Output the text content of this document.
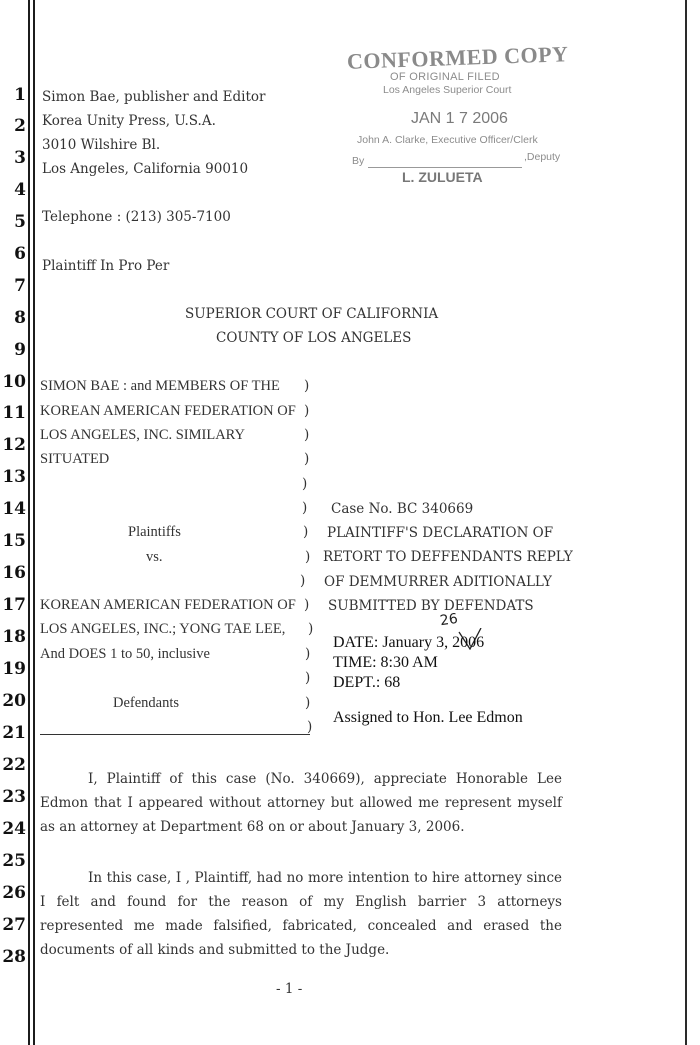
1
2
3
4
5
6
7
8
9
10
11
12
13
14
15
16
17
18
19
20
21
22
23
24
25
26
27
28
Simon Bae, publisher and Editor
Korea Unity Press, U.S.A.
3010 Wilshire Bl.
Los Angeles, California 90010
Telephone : (213) 305-7100
Plaintiff In Pro Per
CONFORMED COPY
OF ORIGINAL FILED
Los Angeles Superior Court
JAN 1 7 2006
John A. Clarke, Executive Officer/Clerk
By	,Deputy
L. ZULUETA
SUPERIOR COURT OF CALIFORNIA
COUNTY OF LOS ANGELES
SIMON BAE : and MEMBERS OF THE
KOREAN AMERICAN FEDERATION OF
LOS ANGELES, INC. SIMILARY
SITUATED
Plaintiffs
vs.
KOREAN AMERICAN FEDERATION OF
LOS ANGELES, INC.; YONG TAE LEE,
And DOES 1 to 50, inclusive
Defendants
)
)
)
)
)
)
)
)
)
)
)
)
)
)
)
Case No. BC 340669
PLAINTIFF'S DECLARATION OF
RETORT TO DEFFENDANTS REPLY
OF DEMMURRER ADITIONALLY
SUBMITTED BY DEFENDATS
26
DATE: January 3, 2006
TIME: 8:30 AM
DEPT.: 68
Assigned to Hon. Lee Edmon
I, Plaintiff of this case (No. 340669), appreciate Honorable Lee Edmon that I appeared without attorney but allowed me represent myself as an attorney at Department 68 on or about January 3, 2006.
In this case, I , Plaintiff, had no more intention to hire attorney since I felt and found for the reason of my English barrier 3 attorneys represented me made falsified, fabricated, concealed and erased the documents of all kinds and submitted to the Judge.
- 1 -
